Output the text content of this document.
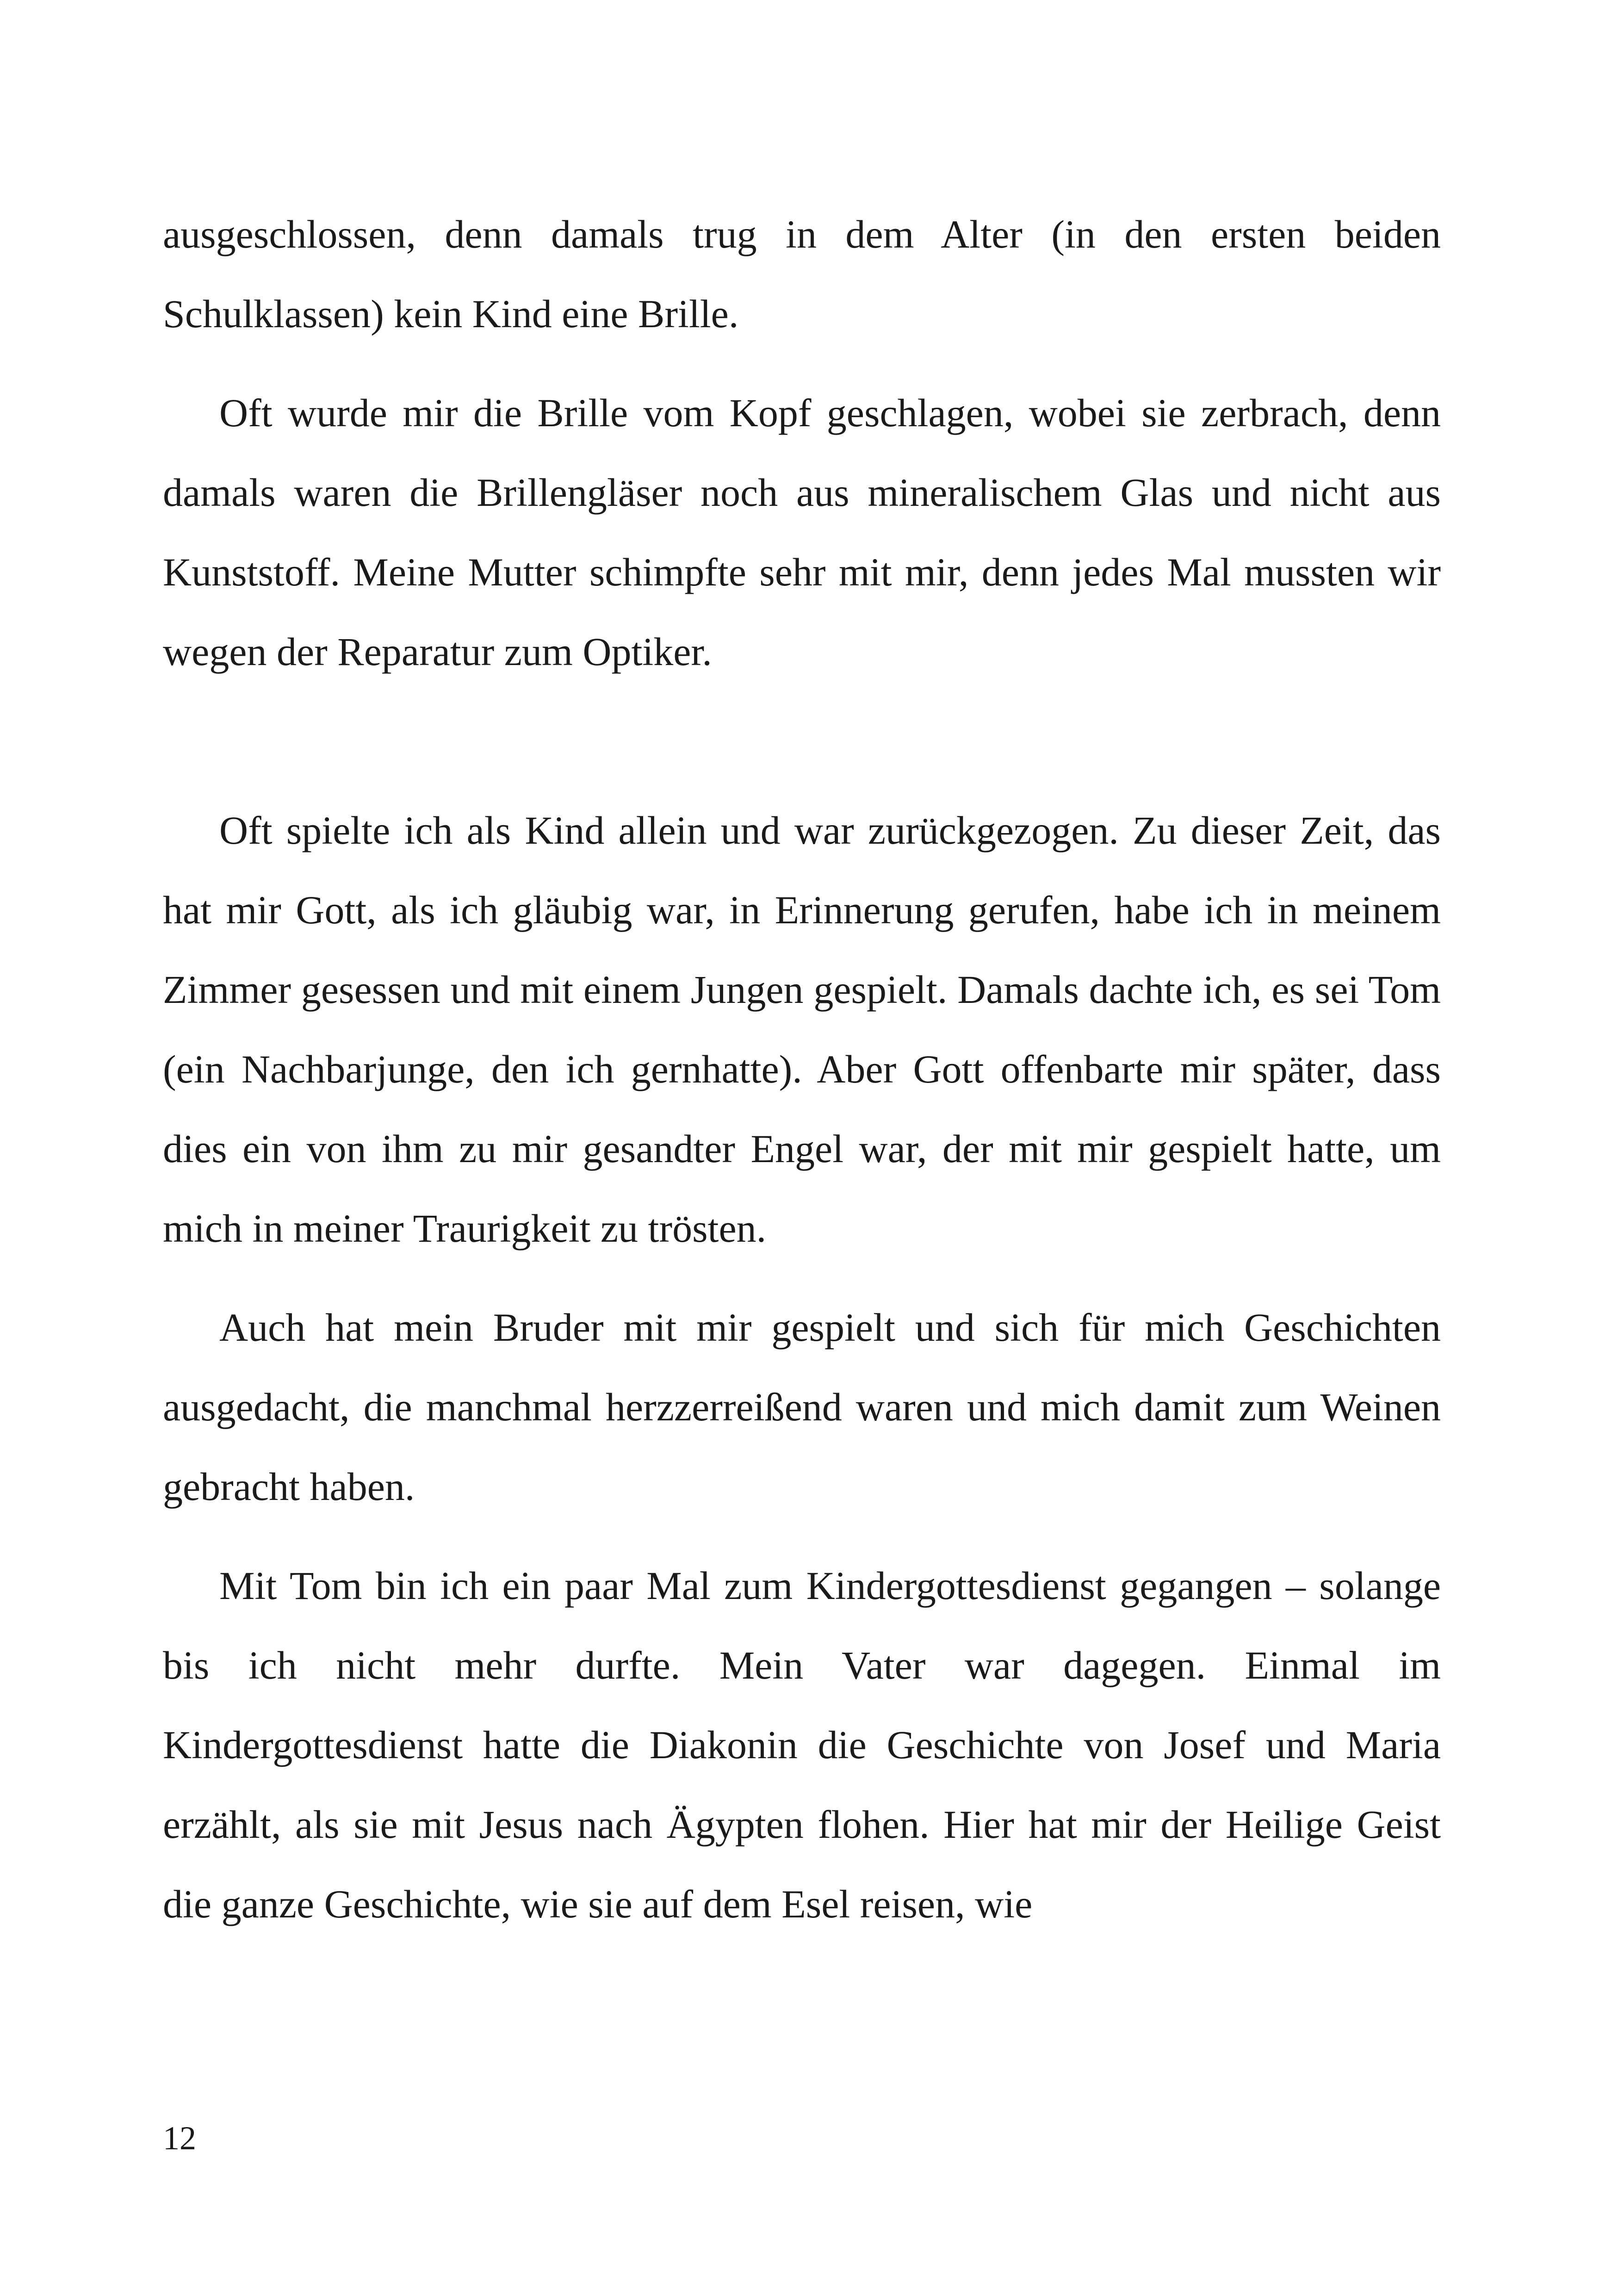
ausgeschlossen, denn damals trug in dem Alter (in den ersten beiden Schulklassen) kein Kind eine Brille.

Oft wurde mir die Brille vom Kopf geschlagen, wobei sie zerbrach, denn damals waren die Brillengläser noch aus mineralischem Glas und nicht aus Kunststoff. Meine Mutter schimpfte sehr mit mir, denn jedes Mal mussten wir wegen der Reparatur zum Optiker.

Oft spielte ich als Kind allein und war zurückgezogen. Zu dieser Zeit, das hat mir Gott, als ich gläubig war, in Erinnerung gerufen, habe ich in meinem Zimmer gesessen und mit einem Jungen gespielt. Damals dachte ich, es sei Tom (ein Nachbarjunge, den ich gernhatte). Aber Gott offenbarte mir später, dass dies ein von ihm zu mir gesandter Engel war, der mit mir gespielt hatte, um mich in meiner Traurigkeit zu trösten.

Auch hat mein Bruder mit mir gespielt und sich für mich Geschichten ausgedacht, die manchmal herzzerreißend waren und mich damit zum Weinen gebracht haben.

Mit Tom bin ich ein paar Mal zum Kindergottesdienst gegangen – solange bis ich nicht mehr durfte. Mein Vater war dagegen. Einmal im Kindergottesdienst hatte die Diakonin die Geschichte von Josef und Maria erzählt, als sie mit Jesus nach Ägypten flohen. Hier hat mir der Heilige Geist die ganze Geschichte, wie sie auf dem Esel reisen, wie

12
